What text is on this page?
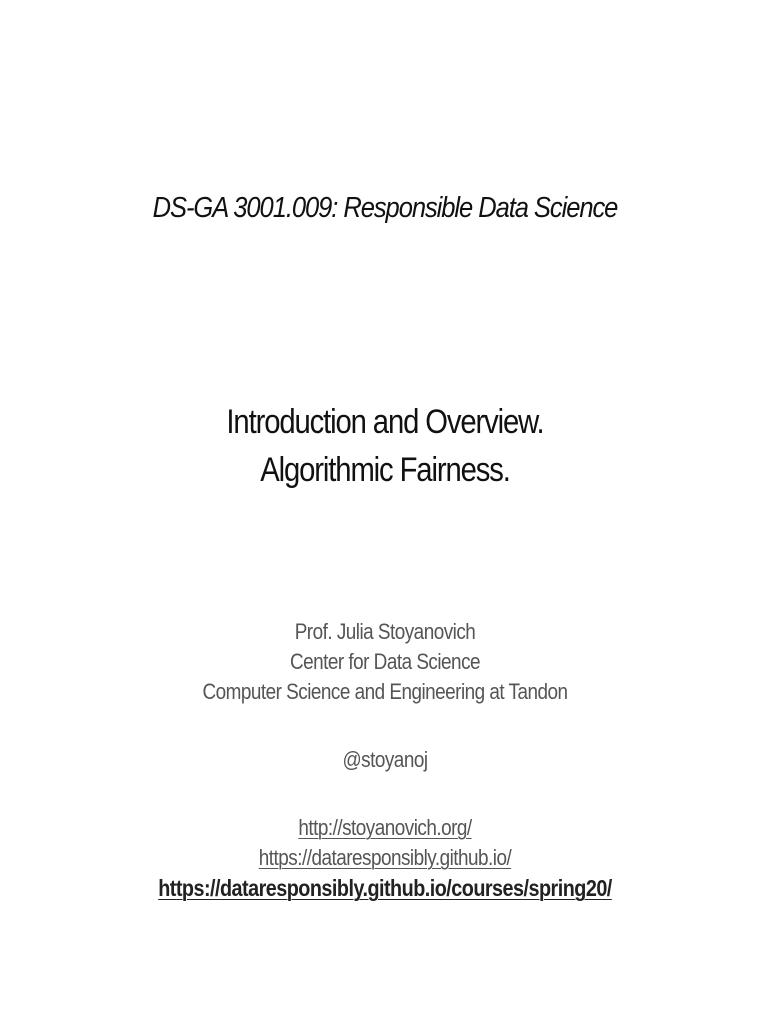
DS-GA 3001.009: Responsible Data Science
Introduction and Overview.
Algorithmic Fairness.
Prof. Julia Stoyanovich
Center for Data Science
Computer Science and Engineering at Tandon
@stoyanoj
http://stoyanovich.org/
https://dataresponsibly.github.io/
https://dataresponsibly.github.io/courses/spring20/
